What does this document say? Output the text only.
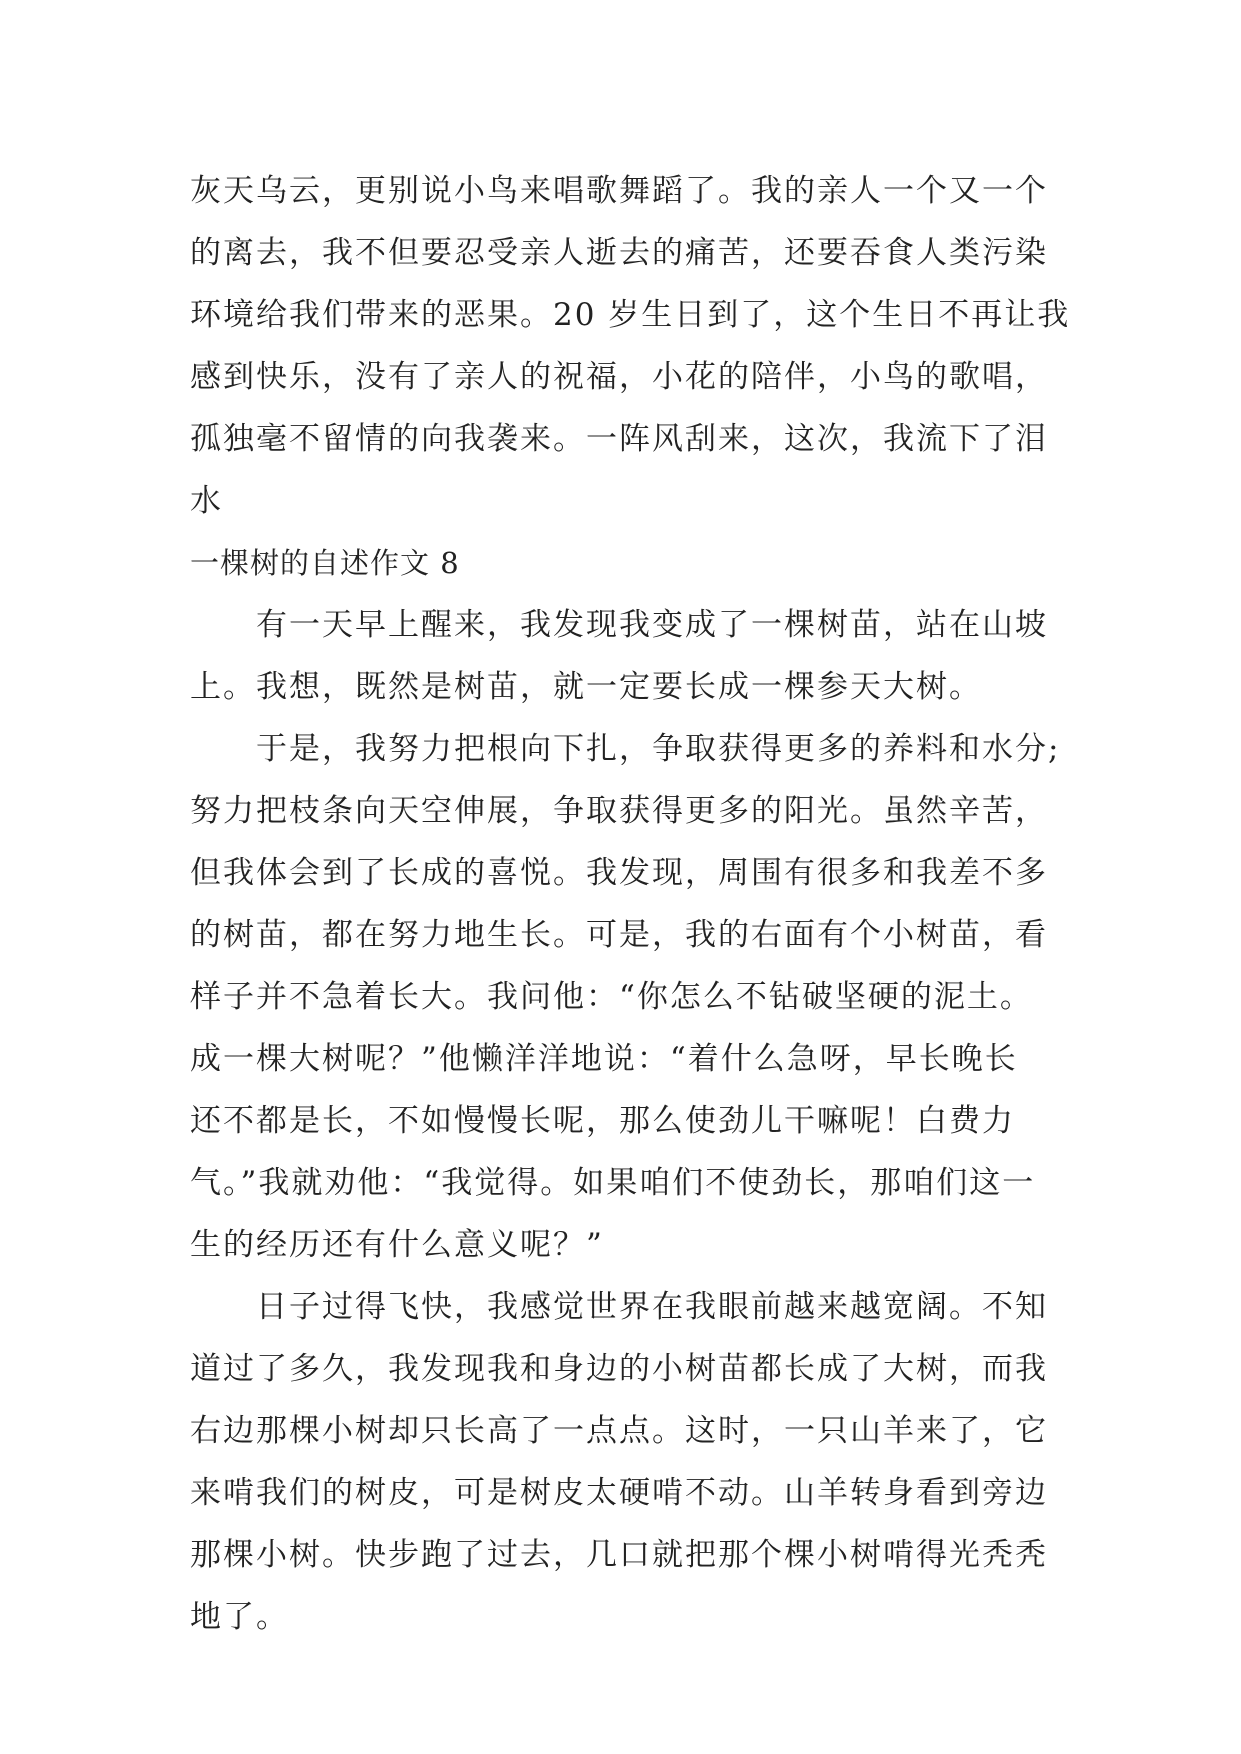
灰天乌云，更别说小鸟来唱歌舞蹈了。我的亲人一个又一个
的离去，我不但要忍受亲人逝去的痛苦，还要吞食人类污染
环境给我们带来的恶果。20 岁生日到了，这个生日不再让我
感到快乐，没有了亲人的祝福，小花的陪伴，小鸟的歌唱，
孤独毫不留情的向我袭来。一阵风刮来，这次，我流下了泪
水
一棵树的自述作文 8
有一天早上醒来，我发现我变成了一棵树苗，站在山坡
上。我想，既然是树苗，就一定要长成一棵参天大树。
于是，我努力把根向下扎，争取获得更多的养料和水分;
努力把枝条向天空伸展，争取获得更多的阳光。虽然辛苦，
但我体会到了长成的喜悦。我发现，周围有很多和我差不多
的树苗，都在努力地生长。可是，我的右面有个小树苗，看
样子并不急着长大。我问他：“你怎么不钻破坚硬的泥土。
成一棵大树呢？”他懒洋洋地说：“着什么急呀，早长晚长
还不都是长，不如慢慢长呢，那么使劲儿干嘛呢！白费力
气。”我就劝他：“我觉得。如果咱们不使劲长，那咱们这一
生的经历还有什么意义呢？”
日子过得飞快，我感觉世界在我眼前越来越宽阔。不知
道过了多久，我发现我和身边的小树苗都长成了大树，而我
右边那棵小树却只长高了一点点。这时，一只山羊来了，它
来啃我们的树皮，可是树皮太硬啃不动。山羊转身看到旁边
那棵小树。快步跑了过去，几口就把那个棵小树啃得光秃秃
地了。
